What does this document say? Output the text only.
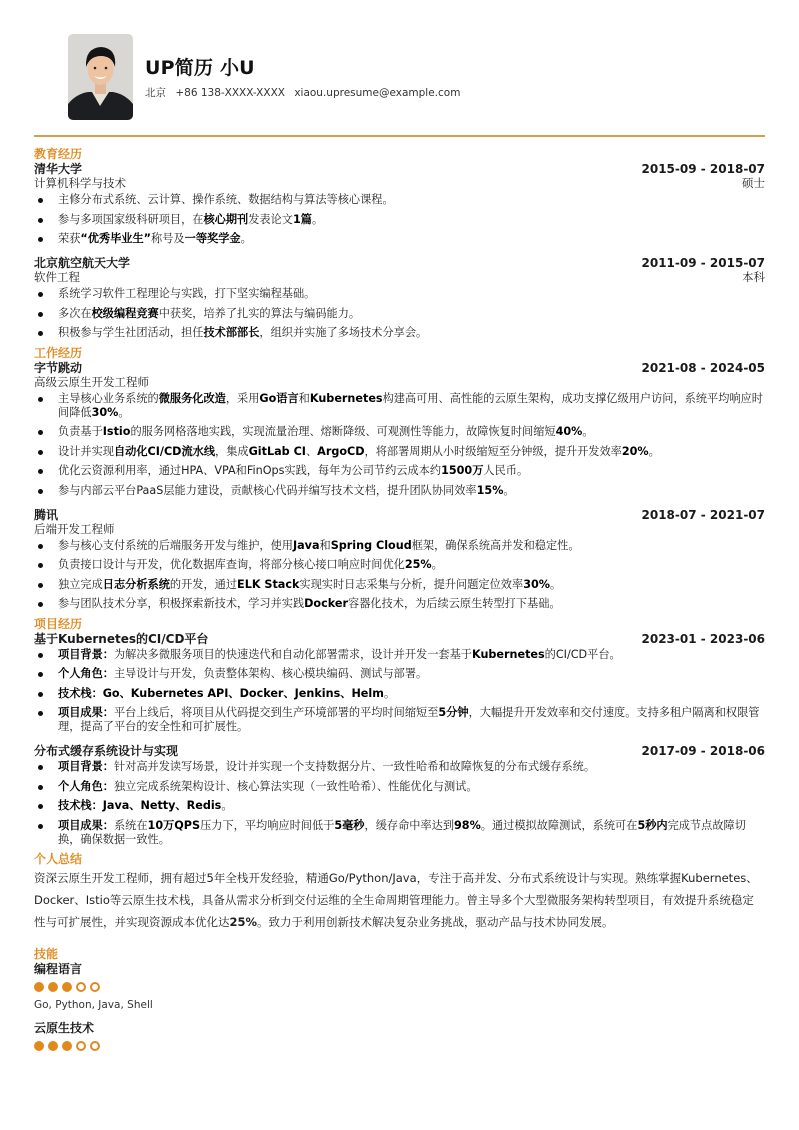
UP简历 小U
北京 +86 138-XXXX-XXXX xiaou.upresume@example.com
教育经历
清华大学	2015-09 - 2018-07
计算机科学与技术	硕士
主修分布式系统、云计算、操作系统、数据结构与算法等核心课程。
参与多项国家级科研项目，在核心期刊发表论文1篇。
荣获“优秀毕业生”称号及一等奖学金。
北京航空航天大学	2011-09 - 2015-07
软件工程	本科
系统学习软件工程理论与实践，打下坚实编程基础。
多次在校级编程竞赛中获奖，培养了扎实的算法与编码能力。
积极参与学生社团活动，担任技术部部长，组织并实施了多场技术分享会。
工作经历
字节跳动	2021-08 - 2024-05
高级云原生开发工程师
主导核心业务系统的微服务化改造，采用Go语言和Kubernetes构建高可用、高性能的云原生架构，成功支撑亿级用户访问，系统平均响应时间降低30%。
负责基于Istio的服务网格落地实践，实现流量治理、熔断降级、可观测性等能力，故障恢复时间缩短40%。
设计并实现自动化CI/CD流水线，集成GitLab CI、ArgoCD，将部署周期从小时级缩短至分钟级，提升开发效率20%。
优化云资源利用率，通过HPA、VPA和FinOps实践，每年为公司节约云成本约1500万人民币。
参与内部云平台PaaS层能力建设，贡献核心代码并编写技术文档，提升团队协同效率15%。
腾讯	2018-07 - 2021-07
后端开发工程师
参与核心支付系统的后端服务开发与维护，使用Java和Spring Cloud框架，确保系统高并发和稳定性。
负责接口设计与开发，优化数据库查询，将部分核心接口响应时间优化25%。
独立完成日志分析系统的开发，通过ELK Stack实现实时日志采集与分析，提升问题定位效率30%。
参与团队技术分享，积极探索新技术，学习并实践Docker容器化技术，为后续云原生转型打下基础。
项目经历
基于Kubernetes的CI/CD平台	2023-01 - 2023-06
项目背景：为解决多微服务项目的快速迭代和自动化部署需求，设计并开发一套基于Kubernetes的CI/CD平台。
个人角色：主导设计与开发，负责整体架构、核心模块编码、测试与部署。
技术栈：Go、Kubernetes API、Docker、Jenkins、Helm。
项目成果：平台上线后，将项目从代码提交到生产环境部署的平均时间缩短至5分钟，大幅提升开发效率和交付速度。支持多租户隔离和权限管理，提高了平台的安全性和可扩展性。
分布式缓存系统设计与实现	2017-09 - 2018-06
项目背景：针对高并发读写场景，设计并实现一个支持数据分片、一致性哈希和故障恢复的分布式缓存系统。
个人角色：独立完成系统架构设计、核心算法实现（一致性哈希）、性能优化与测试。
技术栈：Java、Netty、Redis。
项目成果：系统在10万QPS压力下，平均响应时间低于5毫秒，缓存命中率达到98%。通过模拟故障测试，系统可在5秒内完成节点故障切换，确保数据一致性。
个人总结
资深云原生开发工程师，拥有超过5年全栈开发经验，精通Go/Python/Java，专注于高并发、分布式系统设计与实现。熟练掌握Kubernetes、Docker、Istio等云原生技术栈，具备从需求分析到交付运维的全生命周期管理能力。曾主导多个大型微服务架构转型项目，有效提升系统稳定性与可扩展性，并实现资源成本优化达25%。致力于利用创新技术解决复杂业务挑战，驱动产品与技术协同发展。
技能
编程语言
Go, Python, Java, Shell
云原生技术
